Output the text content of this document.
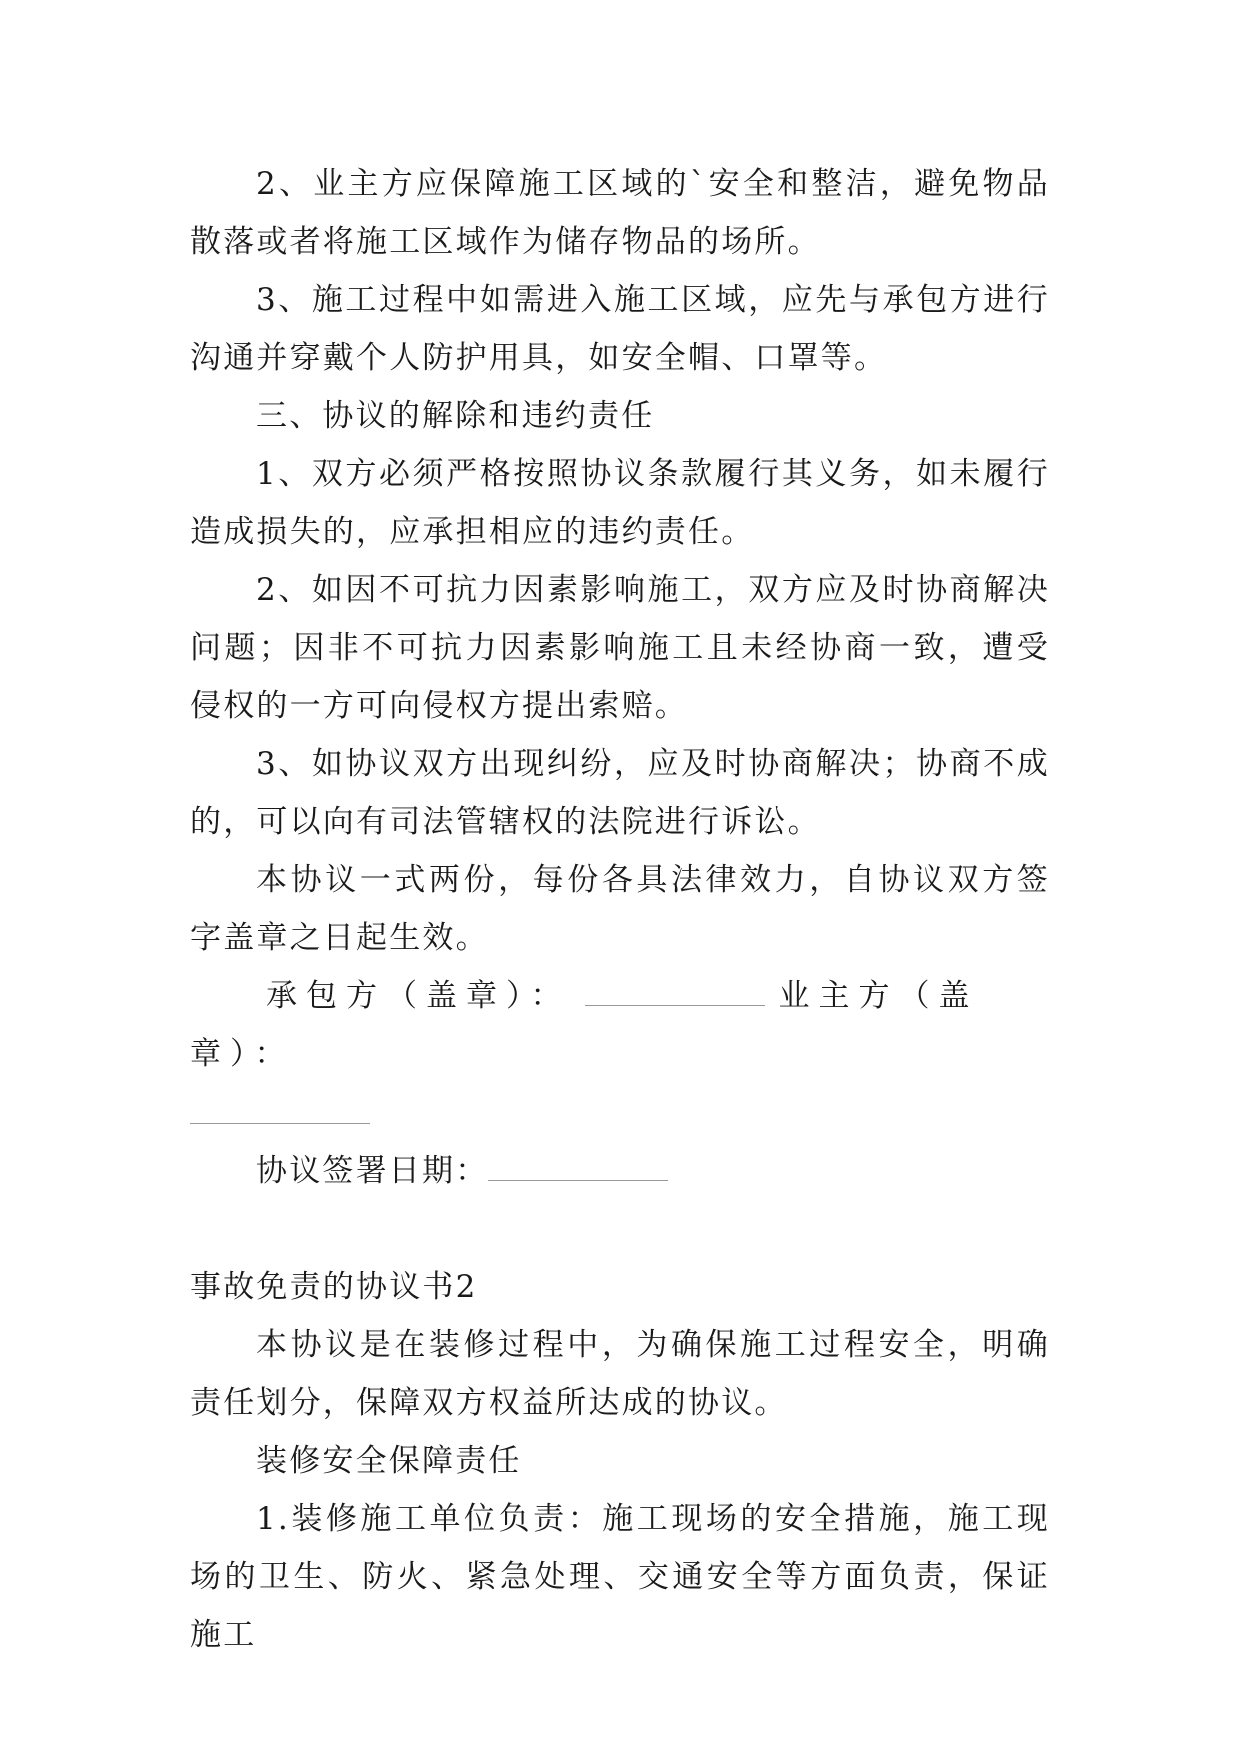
2、业主方应保障施工区域的`安全和整洁，避免物品散落或者将施工区域作为储存物品的场所。

3、施工过程中如需进入施工区域，应先与承包方进行沟通并穿戴个人防护用具，如安全帽、口罩等。

三、协议的解除和违约责任

1、双方必须严格按照协议条款履行其义务，如未履行造成损失的，应承担相应的违约责任。

2、如因不可抗力因素影响施工，双方应及时协商解决问题；因非不可抗力因素影响施工且未经协商一致，遭受侵权的一方可向侵权方提出索赔。

3、如协议双方出现纠纷，应及时协商解决；协商不成的，可以向有司法管辖权的法院进行诉讼。

本协议一式两份，每份各具法律效力，自协议双方签字盖章之日起生效。

承包方（盖章）：	业主方（盖章）：

协议签署日期：

事故免责的协议书2

本协议是在装修过程中，为确保施工过程安全，明确责任划分，保障双方权益所达成的协议。

装修安全保障责任

1.装修施工单位负责：施工现场的安全措施，施工现场的卫生、防火、紧急处理、交通安全等方面负责，保证施工
